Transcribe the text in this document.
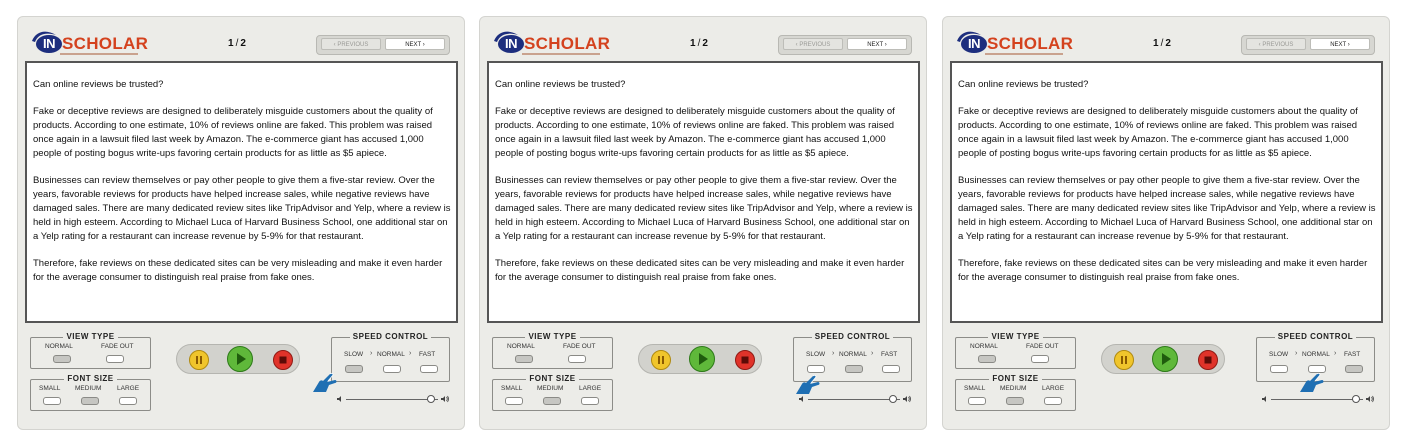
IN SCHOLAR	1 / 2	‹ PREVIOUS	NEXT ›

Can online reviews be trusted?

Fake or deceptive reviews are designed to deliberately misguide customers about the quality of products. According to one estimate, 10% of reviews online are faked. This problem was raised once again in a lawsuit filed last week by Amazon. The e-commerce giant has accused 1,000 people of posting bogus write-ups favoring certain products for as little as $5 apiece.

Businesses can review themselves or pay other people to give them a five-star review. Over the years, favorable reviews for products have helped increase sales, while negative reviews have damaged sales. There are many dedicated review sites like TripAdvisor and Yelp, where a review is held in high esteem. According to Michael Luca of Harvard Business School, one additional star on a Yelp rating for a restaurant can increase revenue by 5-9% for that restaurant.

Therefore, fake reviews on these dedicated sites can be very misleading and make it even harder for the average consumer to distinguish real praise from fake ones.

VIEW TYPE
NORMAL	FADE OUT
FONT SIZE
SMALL MEDIUM LARGE
SPEED CONTROL
SLOW › NORMAL › FAST
IN SCHOLAR	1 / 2	‹ PREVIOUS	NEXT ›

Can online reviews be trusted?

Fake or deceptive reviews are designed to deliberately misguide customers about the quality of products. According to one estimate, 10% of reviews online are faked. This problem was raised once again in a lawsuit filed last week by Amazon. The e-commerce giant has accused 1,000 people of posting bogus write-ups favoring certain products for as little as $5 apiece.

Businesses can review themselves or pay other people to give them a five-star review. Over the years, favorable reviews for products have helped increase sales, while negative reviews have damaged sales. There are many dedicated review sites like TripAdvisor and Yelp, where a review is held in high esteem. According to Michael Luca of Harvard Business School, one additional star on a Yelp rating for a restaurant can increase revenue by 5-9% for that restaurant.

Therefore, fake reviews on these dedicated sites can be very misleading and make it even harder for the average consumer to distinguish real praise from fake ones.

VIEW TYPE
NORMAL	FADE OUT
FONT SIZE
SMALL MEDIUM LARGE
SPEED CONTROL
SLOW › NORMAL › FAST
IN SCHOLAR	1 / 2	‹ PREVIOUS	NEXT ›

Can online reviews be trusted?

Fake or deceptive reviews are designed to deliberately misguide customers about the quality of products. According to one estimate, 10% of reviews online are faked. This problem was raised once again in a lawsuit filed last week by Amazon. The e-commerce giant has accused 1,000 people of posting bogus write-ups favoring certain products for as little as $5 apiece.

Businesses can review themselves or pay other people to give them a five-star review. Over the years, favorable reviews for products have helped increase sales, while negative reviews have damaged sales. There are many dedicated review sites like TripAdvisor and Yelp, where a review is held in high esteem. According to Michael Luca of Harvard Business School, one additional star on a Yelp rating for a restaurant can increase revenue by 5-9% for that restaurant.

Therefore, fake reviews on these dedicated sites can be very misleading and make it even harder for the average consumer to distinguish real praise from fake ones.

VIEW TYPE
NORMAL	FADE OUT
FONT SIZE
SMALL MEDIUM LARGE
SPEED CONTROL
SLOW › NORMAL › FAST
